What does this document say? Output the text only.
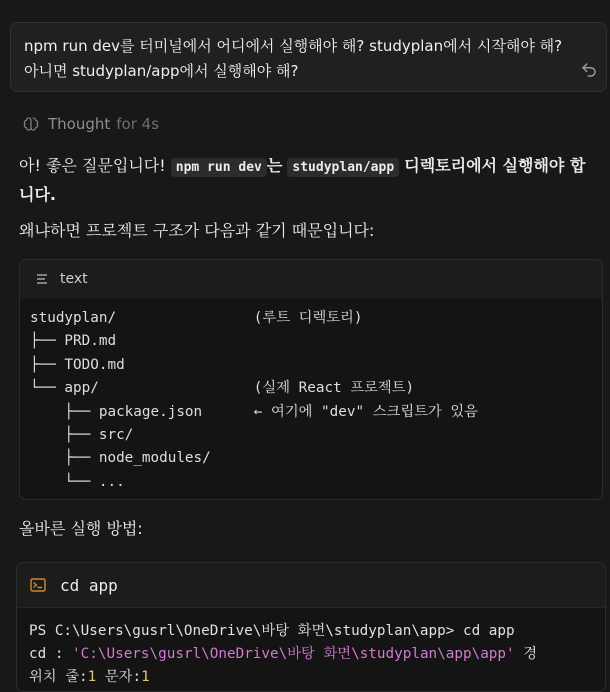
npm run dev를 터미널에서 어디에서 실행해야 해? studyplan에서 시작해야 해? 아니면 studyplan/app에서 실행해야 해?
Thought for 4s
아! 좋은 질문입니다! npm run dev 는 studyplan/app 디렉토리에서 실행해야 합니다.
왜냐하면 프로젝트 구조가 다음과 같기 때문입니다:
text
studyplan/                (루트 디렉토리)
├── PRD.md
├── TODO.md
└── app/                  (실제 React 프로젝트)
├── package.json      ← 여기에 "dev" 스크립트가 있음
├── src/
├── node_modules/
└── ...
올바른 실행 방법:
cd app
PS C:\Users\gusrl\OneDrive\바탕 화면\studyplan\app> cd app
cd : 'C:\Users\gusrl\OneDrive\바탕 화면\studyplan\app\app' 경
위치 줄:1 문자:1
